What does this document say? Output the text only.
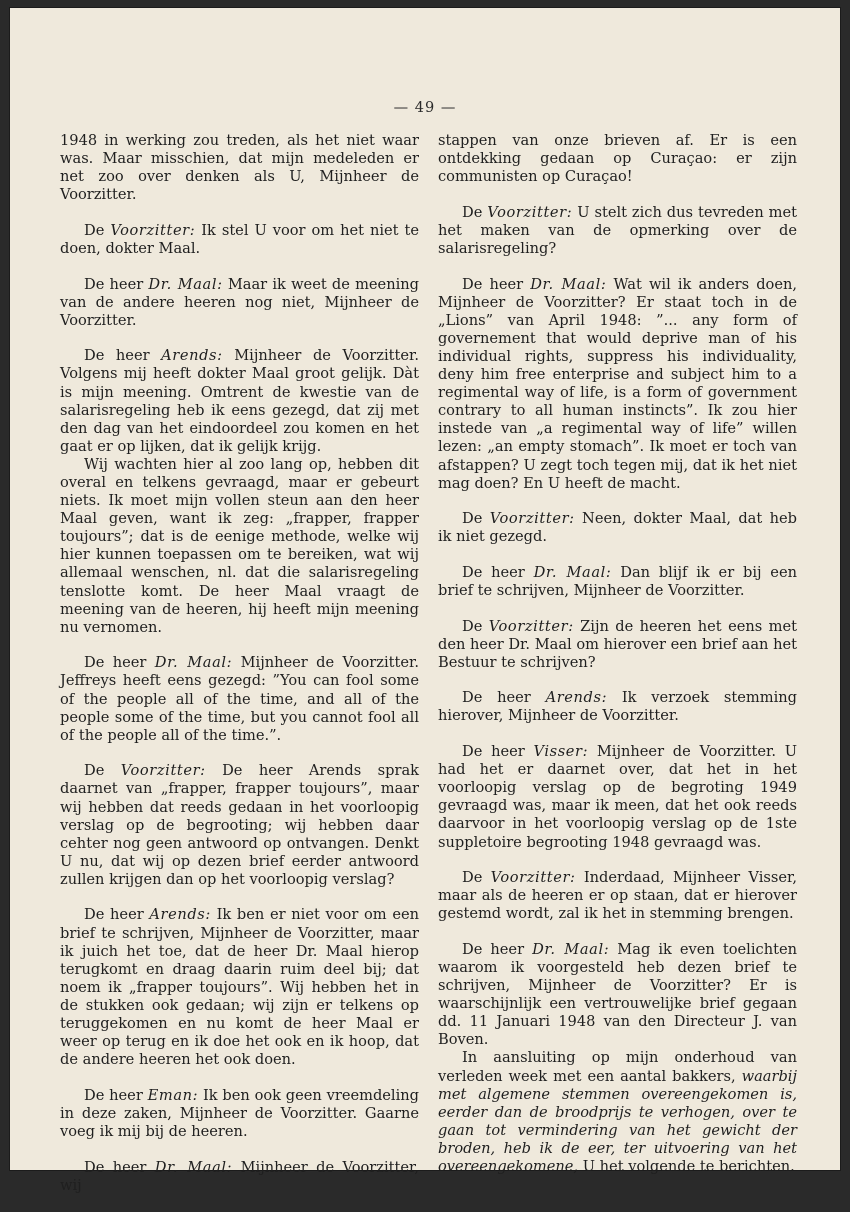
— 49 —

1948 in werking zou treden, als het niet waar was. Maar misschien, dat mijn medeleden er net zoo over denken als U, Mijnheer de Voorzitter.

De Voorzitter: Ik stel U voor om het niet te doen, dokter Maal.

De heer Dr. Maal: Maar ik weet de meening van de andere heeren nog niet, Mijnheer de Voorzitter.

De heer Arends: Mijnheer de Voorzitter. Volgens mij heeft dokter Maal groot gelijk. Dàt is mijn meening. Omtrent de kwestie van de salarisregeling heb ik eens gezegd, dat zij met den dag van het eindoordeel zou komen en het gaat er op lijken, dat ik gelijk krijg.

Wij wachten hier al zoo lang op, hebben dit overal en telkens gevraagd, maar er gebeurt niets. Ik moet mijn vollen steun aan den heer Maal geven, want ik zeg: „frapper, frapper toujours”; dat is de eenige methode, welke wij hier kunnen toepassen om te bereiken, wat wij allemaal wenschen, nl. dat die salarisregeling tenslotte komt. De heer Maal vraagt de meening van de heeren, hij heeft mijn meening nu vernomen.

De heer Dr. Maal: Mijnheer de Voorzitter. Jeffreys heeft eens gezegd: ”You can fool some of the people all of the time, and all of the people some of the time, but you cannot fool all of the people all of the time.”.

De Voorzitter: De heer Arends sprak daarnet van „frapper, frapper toujours”, maar wij hebben dat reeds gedaan in het voorloopig verslag op de begrooting; wij hebben daar cehter nog geen antwoord op ontvangen. Denkt U nu, dat wij op dezen brief eerder antwoord zullen krijgen dan op het voorloopig verslag?

De heer Arends: Ik ben er niet voor om een brief te schrijven, Mijnheer de Voorzitter, maar ik juich het toe, dat de heer Dr. Maal hierop terugkomt en draag daarin ruim deel bij; dat noem ik „frapper toujours”. Wij hebben het in de stukken ook gedaan; wij zijn er telkens op teruggekomen en nu komt de heer Maal er weer op terug en ik doe het ook en ik hoop, dat de andere heeren het ook doen.

De heer Eman: Ik ben ook geen vreemdeling in deze zaken, Mijnheer de Voorzitter. Gaarne voeg ik mij bij de heeren.

De heer Dr. Maal: Mijnheer de Voorzitter, wij

stappen van onze brieven af. Er is een ontdekking gedaan op Curaçao: er zijn communisten op Curaçao!

De Voorzitter: U stelt zich dus tevreden met het maken van de opmerking over de salarisregeling?

De heer Dr. Maal: Wat wil ik anders doen, Mijnheer de Voorzitter? Er staat toch in de „Lions” van April 1948: ”... any form of governement that would deprive man of his individual rights, suppress his individuality, deny him free enterprise and subject him to a regimental way of life, is a form of government contrary to all human instincts”. Ik zou hier instede van „a regimental way of life” willen lezen: „an empty stomach”. Ik moet er toch van afstappen? U zegt toch tegen mij, dat ik het niet mag doen? En U heeft de macht.

De Voorzitter: Neen, dokter Maal, dat heb ik niet gezegd.

De heer Dr. Maal: Dan blijf ik er bij een brief te schrijven, Mijnheer de Voorzitter.

De Voorzitter: Zijn de heeren het eens met den heer Dr. Maal om hierover een brief aan het Bestuur te schrijven?

De heer Arends: Ik verzoek stemming hierover, Mijnheer de Voorzitter.

De heer Visser: Mijnheer de Voorzitter. U had het er daarnet over, dat het in het voorloopig verslag op de begroting 1949 gevraagd was, maar ik meen, dat het ook reeds daarvoor in het voorloopig verslag op de 1ste suppletoire begrooting 1948 gevraagd was.

De Voorzitter: Inderdaad, Mijnheer Visser, maar als de heeren er op staan, dat er hierover gestemd wordt, zal ik het in stemming brengen.

De heer Dr. Maal: Mag ik even toelichten waarom ik voorgesteld heb dezen brief te schrijven, Mijnheer de Voorzitter? Er is waarschijnlijk een vertrouwelijke brief gegaan dd. 11 Januari 1948 van den Directeur J. van Boven.

In aansluiting op mijn onderhoud van verleden week met een aantal bakkers, waarbij met algemene stemmen overeengekomen is, eerder dan de broodprijs te verhogen, over te gaan tot vermindering van het gewicht der broden, heb ik de eer, ter uitvoering van het overeengekomene, U het volgende te berichten.
